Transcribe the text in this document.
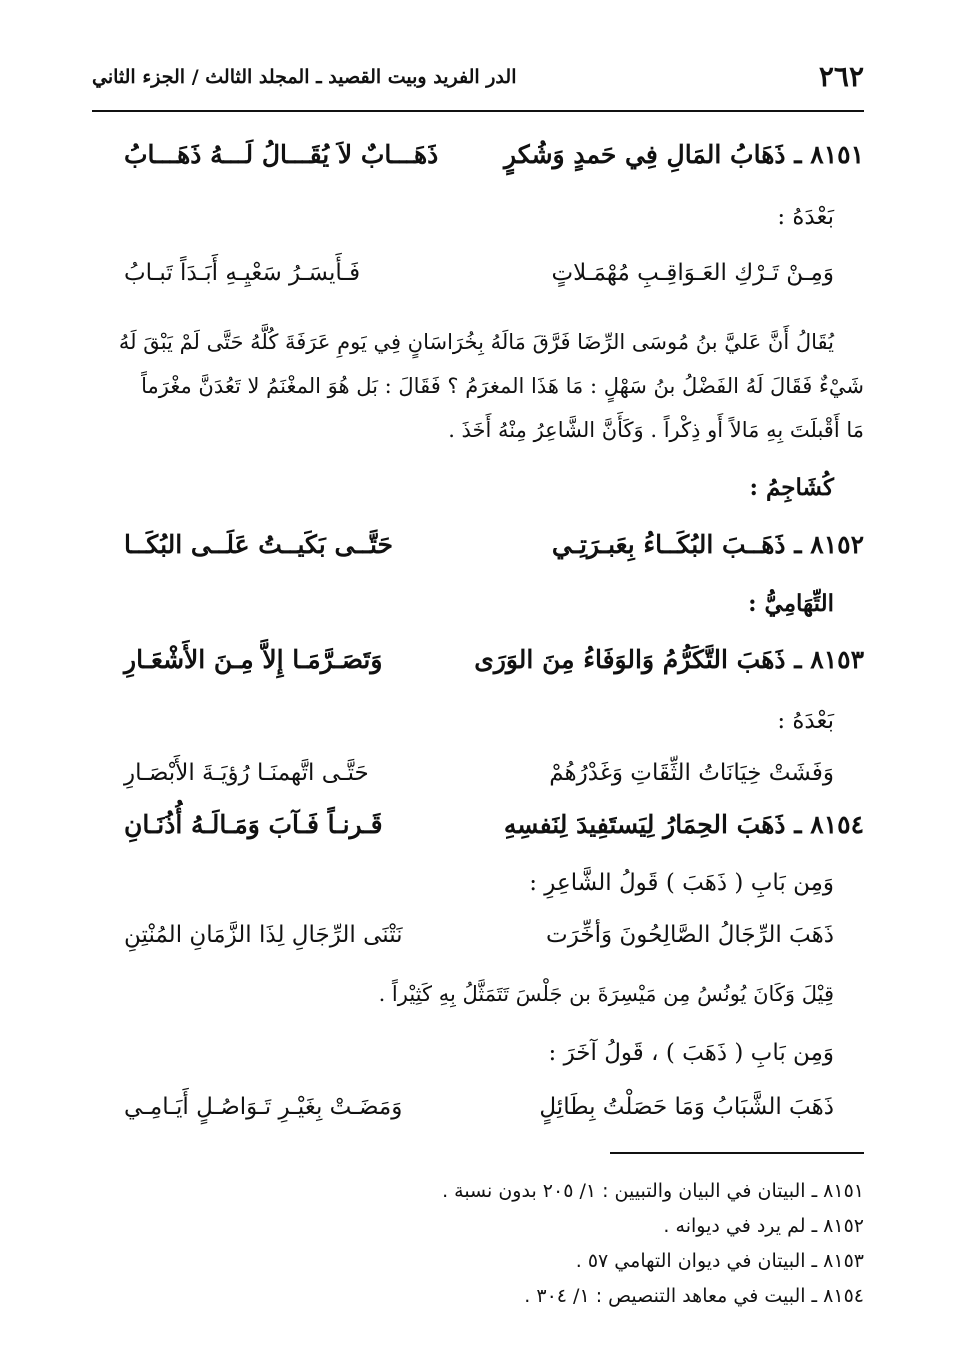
٢٦٢
الدر الفريد وبيت القصيد ـ المجلد الثالث / الجزء الثاني
٨١٥١ ـ ذَهَابُ المَالِ فِي حَمدٍ وَشُكرٍ
ذَهَـــابٌ لاَ يُقَـــالُ لَـــهُ ذَهَـــابُ
بَعْدَهُ :
وَمِـنْ تَـرْكِ العَـوَاقِـبِ مُهْمَـلاتٍ
فَـأَيسَـرُ سَعْيِـهِ أَبَـدَاً تَبـابُ
يُقَالُ أَنَّ عَليَّ بنُ مُوسَى الرِّضَا فَرَّقَ مَالَهُ بِخُرَاسَانٍ فِي يَومِ عَرَفَةَ كُلَّهُ حَتَّى لَمْ يَبْقَ لَهُ
شَيْءٌ فَقَالَ لَهُ الفَضْلُ بنُ سَهْلٍ : مَا هَذَا المغرَمُ ؟ فَقَالَ : بَل هُوَ المغْنَمُ لا تَعُدَنَّ مغْرَماً
مَا أَقْبلَتَ بِهِ مَالاً أَو ذِكْراً . وَكَأَنَّ الشَّاعِرُ مِنْهُ أَخَذَ .
كُشَاجِمُ :
٨١٥٢ ـ ذَهَــبَ البُكَــاءُ بِعَبـرَتِـي
حَتَّــى بَكَيــتُ عَلَــى البُكَــا
التِّهَامِيُّ :
٨١٥٣ ـ ذَهَبَ التَّكَرُّمُ وَالوَفَاءُ مِنَ الوَرَى
وَتَصَـرَّمَـا إِلاَّ مِـنَ الأَشْعَـارِ
بَعْدَهُ :
وَفَشَتْ خِيَانَاتُ الثِّقَاتِ وَغَدْرُهُمْ
حَتَّـى اتَّهمنَـا رُؤيَـةَ الأَبْصَـارِ
٨١٥٤ ـ ذَهَبَ الحِمَارُ لِيَستَفِيدَ لِنَفسِهِ
قَـرنـاً فَـآبَ وَمَـالَـهُ أُذُنَـانِ
وَمِن بَابِ ( ذَهَبَ ) قَولُ الشَّاعِرِ :
ذَهَبَ الرِّجَالُ الصَّالِحُونَ وَأخِّرَت
نَتْنَى الرِّجَالِ لِذَا الزَّمَانِ المُنْتِنِ
قِيْلَ وَكَانَ يُونُسُ مِن مَيْسِرَةَ بن جَلْسَ تَتَمَثَّلُ بِهِ كَثِيْراً .
وَمِن بَابِ ( ذَهَبَ ) ، قَولُ آخَرَ :
ذَهَبَ الشَّبَابُ وَمَا حَصَلْتُ بِطَائِلٍ
وَمَضَـتْ بِغَيْـرِ تَـوَاصُـلٍ أَيَـامِـي
٨١٥١ ـ البيتان في البيان والتبيين : ١/ ٢٠٥ بدون نسبة .
٨١٥٢ ـ لم يرد في ديوانه .
٨١٥٣ ـ البيتان في ديوان التهامي ٥٧ .
٨١٥٤ ـ البيت في معاهد التنصيص : ١/ ٣٠٤ .
